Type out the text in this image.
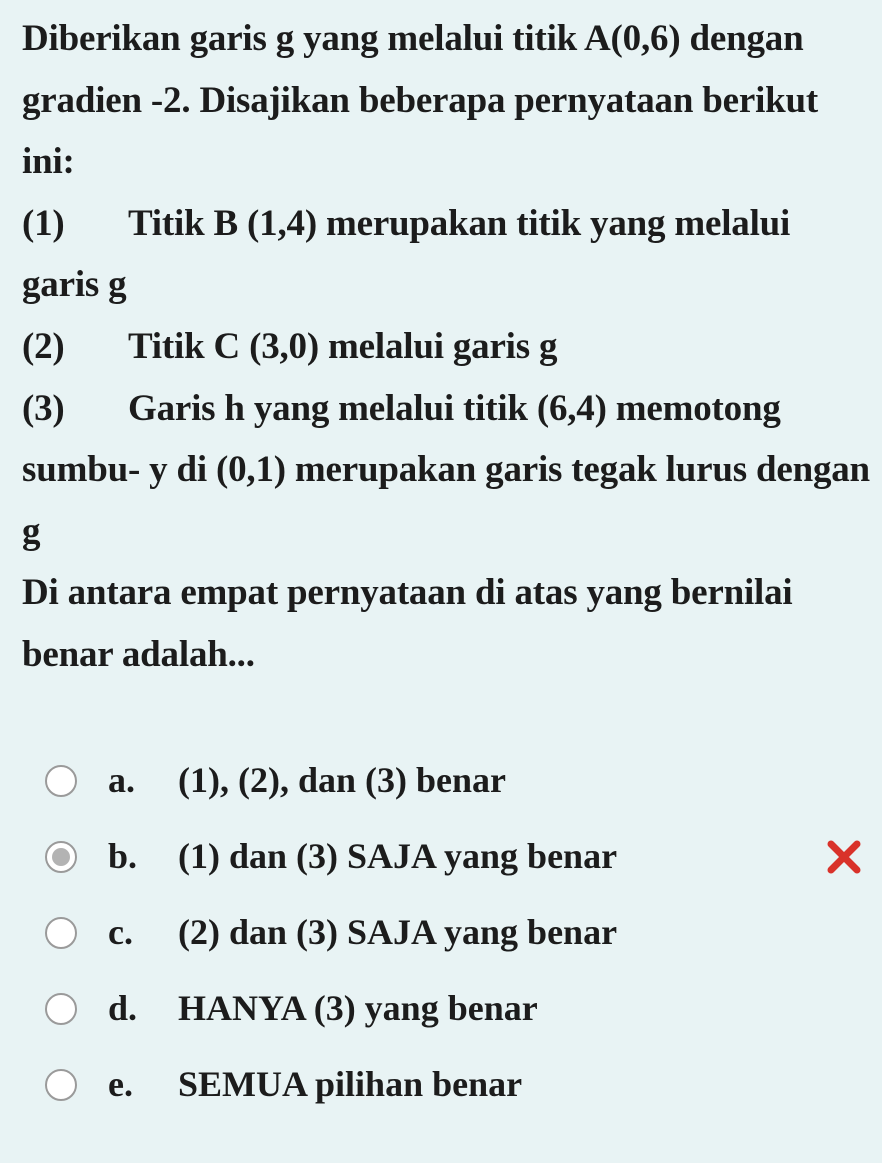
Diberikan garis g yang melalui titik A(0,6) dengan gradien -2. Disajikan beberapa pernyataan berikut ini:

(1) Titik B (1,4) merupakan titik yang melalui garis g

(2) Titik C (3,0) melalui garis g

(3) Garis h yang melalui titik (6,4) memotong sumbu- y di (0,1) merupakan garis tegak lurus dengan g

Di antara empat pernyataan di atas yang bernilai benar adalah...

a. (1), (2), dan (3) benar
b. (1) dan (3) SAJA yang benar
c. (2) dan (3) SAJA yang benar
d. HANYA (3) yang benar
e. SEMUA pilihan benar
